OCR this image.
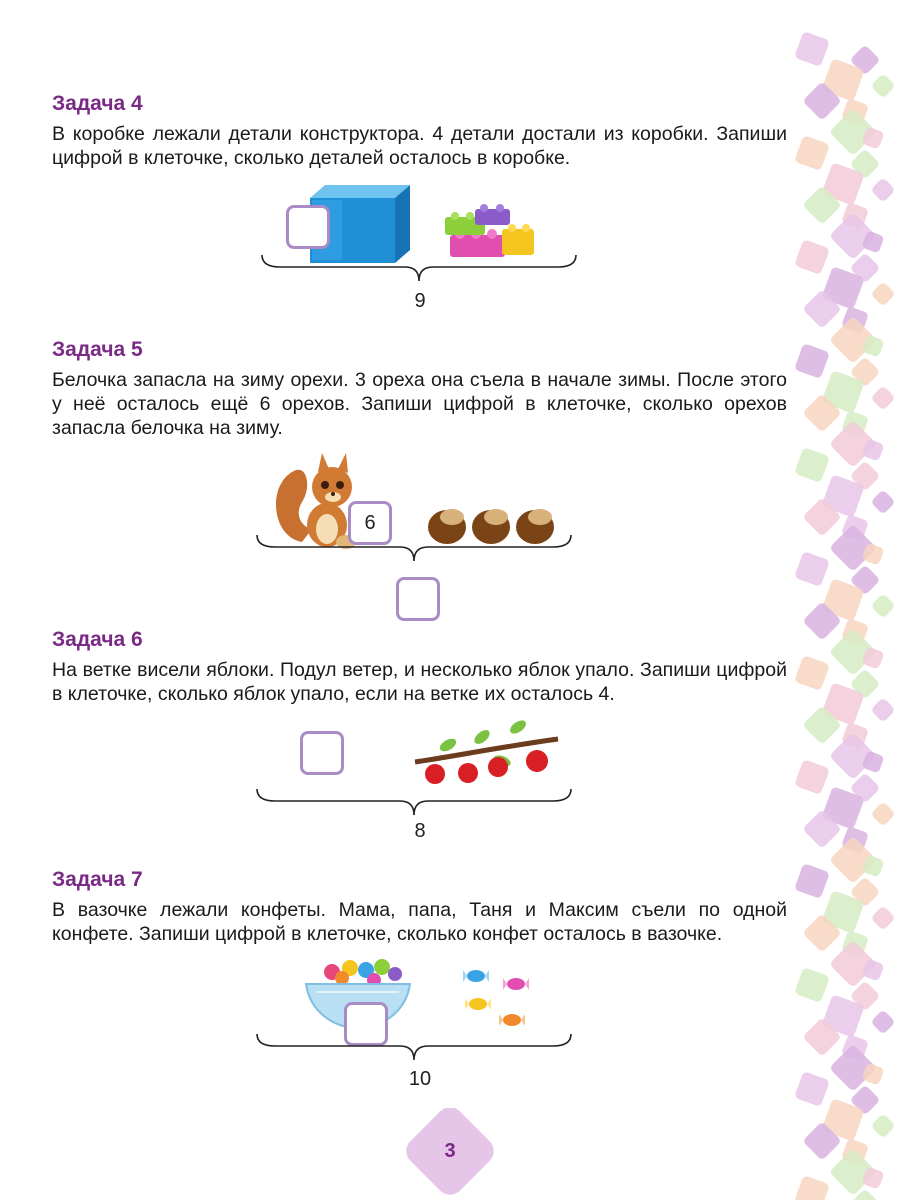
Задача 4

В коробке лежали детали конструктора. 4 детали достали из коробки. Запиши цифрой в клеточке, сколько деталей осталось в коробке.

9
Задача 5

Белочка запасла на зиму орехи. 3 ореха она съела в начале зимы. После этого у неё осталось ещё 6 орехов. Запиши цифрой в клеточке, сколько орехов запасла белочка на зиму.

6
Задача 6

На ветке висели яблоки. Подул ветер, и несколько яблок упало. Запиши цифрой в клеточке, сколько яблок упало, если на ветке их осталось 4.

8
Задача 7

В вазочке лежали конфеты. Мама, папа, Таня и Максим съели по одной конфете. Запиши цифрой в клеточке, сколько конфет осталось в вазочке.

10
3
